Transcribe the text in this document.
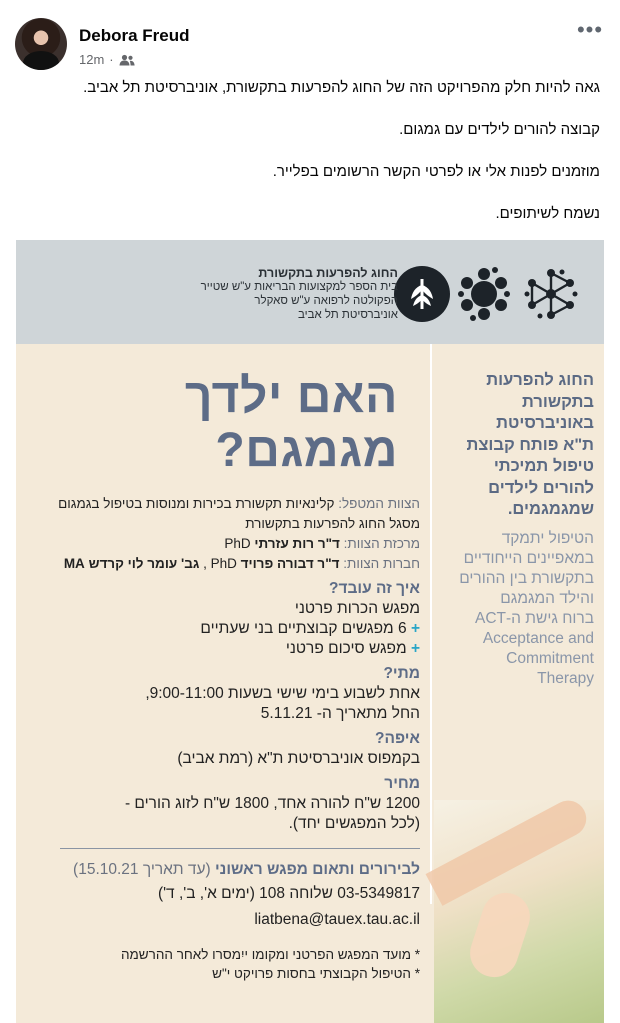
Debora Freud
12m ·
•••

גאה להיות חלק מהפרויקט הזה של החוג להפרעות בתקשורת, אוניברסיטת תל אביב.

קבוצה להורים לילדים עם גמגום.

מוזמנים לפנות אלי או לפרטי הקשר הרשומים בפלייר.

נשמח לשיתופים.

החוג להפרעות בתקשורת
בית הספר למקצועות הבריאות ע"ש שטייר
הפקולטה לרפואה ע"ש סאקלר
אוניברסיטת תל אביב
החוג להפרעות
בתקשורת
באוניברסיטת
ת"א פותח קבוצת
טיפול תמיכתי
להורים לילדים
שמגמגמים.
הטיפול יתמקד
במאפיינים הייחודיים
בתקשורת בין ההורים
והילד המגמגם
ברוח גישת ה-ACT
Acceptance and
Commitment
Therapy
האם ילדך
מגמגם?
הצוות המטפל: קלינאיות תקשורת בכירות ומנוסות בטיפול בגמגום
מסגל החוג להפרעות בתקשורת
מרכזת הצוות: ד"ר רות עזרתי PhD
חברות הצוות: ד"ר דבורה פרויד PhD , גב' עומר לוי קרדש MA
איך זה עובד?
מפגש הכרות פרטני
+ 6 מפגשים קבוצתיים בני שעתיים
+ מפגש סיכום פרטני
מתי?
אחת לשבוע בימי שישי בשעות 9:00-11:00,
החל מתאריך ה- 5.11.21
איפה?
בקמפוס אוניברסיטת ת"א (רמת אביב)
מחיר
1200 ש"ח להורה אחד, 1800 ש"ח לזוג הורים -
(לכל המפגשים יחד).
לבירורים ותאום מפגש ראשוני (עד תאריך 15.10.21)
03-5349817 שלוחה 108 (ימים א', ב', ד')
liatbena@tauex.tau.ac.il
* מועד המפגש הפרטני ומקומו ייִמסרו לאחר ההרשמה
* הטיפול הקבוצתי בחסות פרויקט י"ש
